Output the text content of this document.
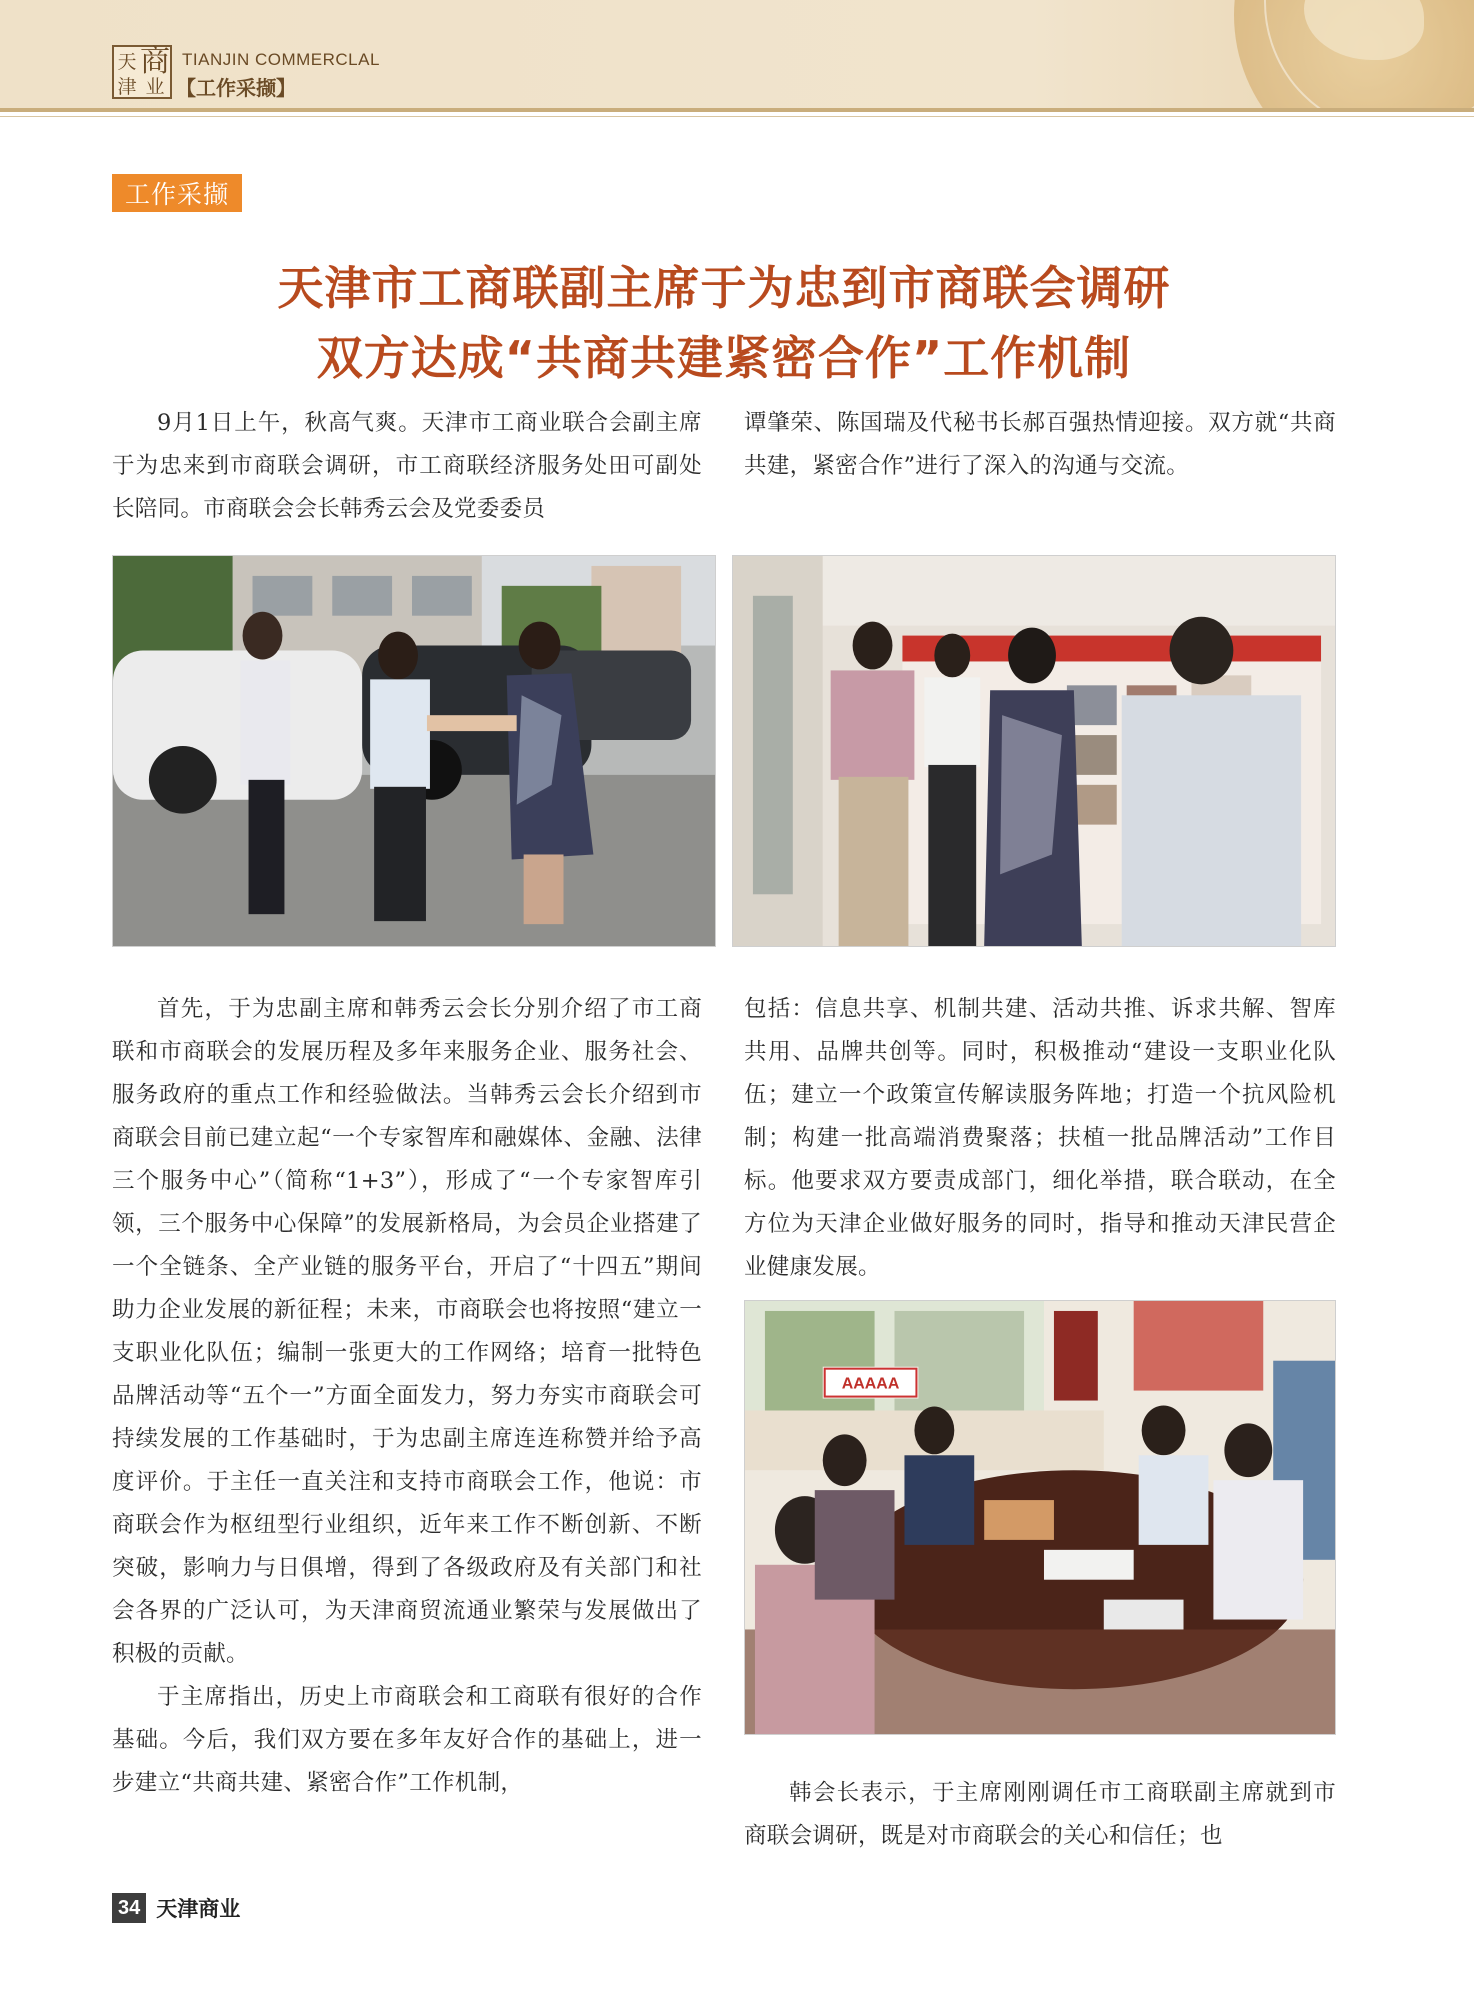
天 商
津 业
TIANJIN COMMERCLAL
【工作采撷】
工作采撷
天津市工商联副主席于为忠到市商联会调研
双方达成“共商共建紧密合作”工作机制

9月1日上午，秋高气爽。天津市工商业联合会副主席于为忠来到市商联会调研，市工商联经济服务处田可副处长陪同。市商联会会长韩秀云会及党委委员

谭肇荣、陈国瑞及代秘书长郝百强热情迎接。双方就“共商共建，紧密合作”进行了深入的沟通与交流。

首先，于为忠副主席和韩秀云会长分别介绍了市工商联和市商联会的发展历程及多年来服务企业、服务社会、服务政府的重点工作和经验做法。当韩秀云会长介绍到市商联会目前已建立起“一个专家智库和融媒体、金融、法律三个服务中心”（简称“1+3”），形成了“一个专家智库引领，三个服务中心保障”的发展新格局，为会员企业搭建了一个全链条、全产业链的服务平台，开启了“十四五”期间助力企业发展的新征程；未来，市商联会也将按照“建立一支职业化队伍；编制一张更大的工作网络；培育一批特色品牌活动等“五个一”方面全面发力，努力夯实市商联会可持续发展的工作基础时，于为忠副主席连连称赞并给予高度评价。于主任一直关注和支持市商联会工作，他说：市商联会作为枢纽型行业组织，近年来工作不断创新、不断突破，影响力与日俱增，得到了各级政府及有关部门和社会各界的广泛认可，为天津商贸流通业繁荣与发展做出了积极的贡献。

于主席指出，历史上市商联会和工商联有很好的合作基础。今后，我们双方要在多年友好合作的基础上，进一步建立“共商共建、紧密合作”工作机制，

包括：信息共享、机制共建、活动共推、诉求共解、智库共用、品牌共创等。同时，积极推动“建设一支职业化队伍；建立一个政策宣传解读服务阵地；打造一个抗风险机制；构建一批高端消费聚落；扶植一批品牌活动”工作目标。他要求双方要责成部门，细化举措，联合联动，在全方位为天津企业做好服务的同时，指导和推动天津民营企业健康发展。

AAAAA

韩会长表示，于主席刚刚调任市工商联副主席就到市商联会调研，既是对市商联会的关心和信任；也

34 天津商业
